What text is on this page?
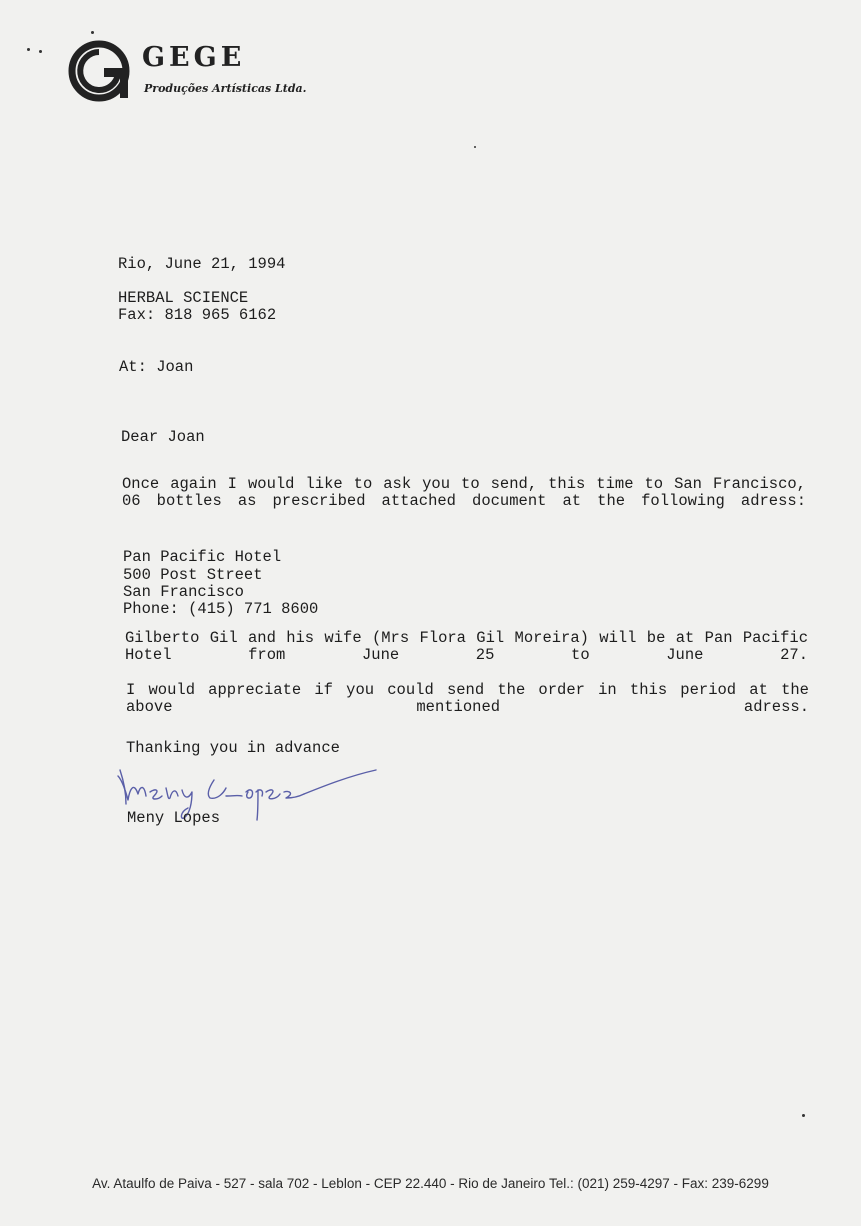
GEGE
Produções Artísticas Ltda.
Rio, June 21, 1994
HERBAL SCIENCE
Fax: 818 965 6162
At: Joan
Dear Joan
Once again I would like to ask you to send, this time to San Francisco, 06 bottles as prescribed attached document at the following adress:
Pan Pacific Hotel
500 Post Street
San Francisco
Phone: (415) 771 8600
Gilberto Gil and his wife (Mrs Flora Gil Moreira) will be at Pan Pacific Hotel from June 25 to June 27.
I would appreciate if you could send the order in this period at the above mentioned adress.
Thanking you in advance
Meny Lopes
Av. Ataulfo de Paiva - 527 - sala 702 - Leblon - CEP 22.440 - Rio de Janeiro Tel.: (021) 259-4297 - Fax: 239-6299
